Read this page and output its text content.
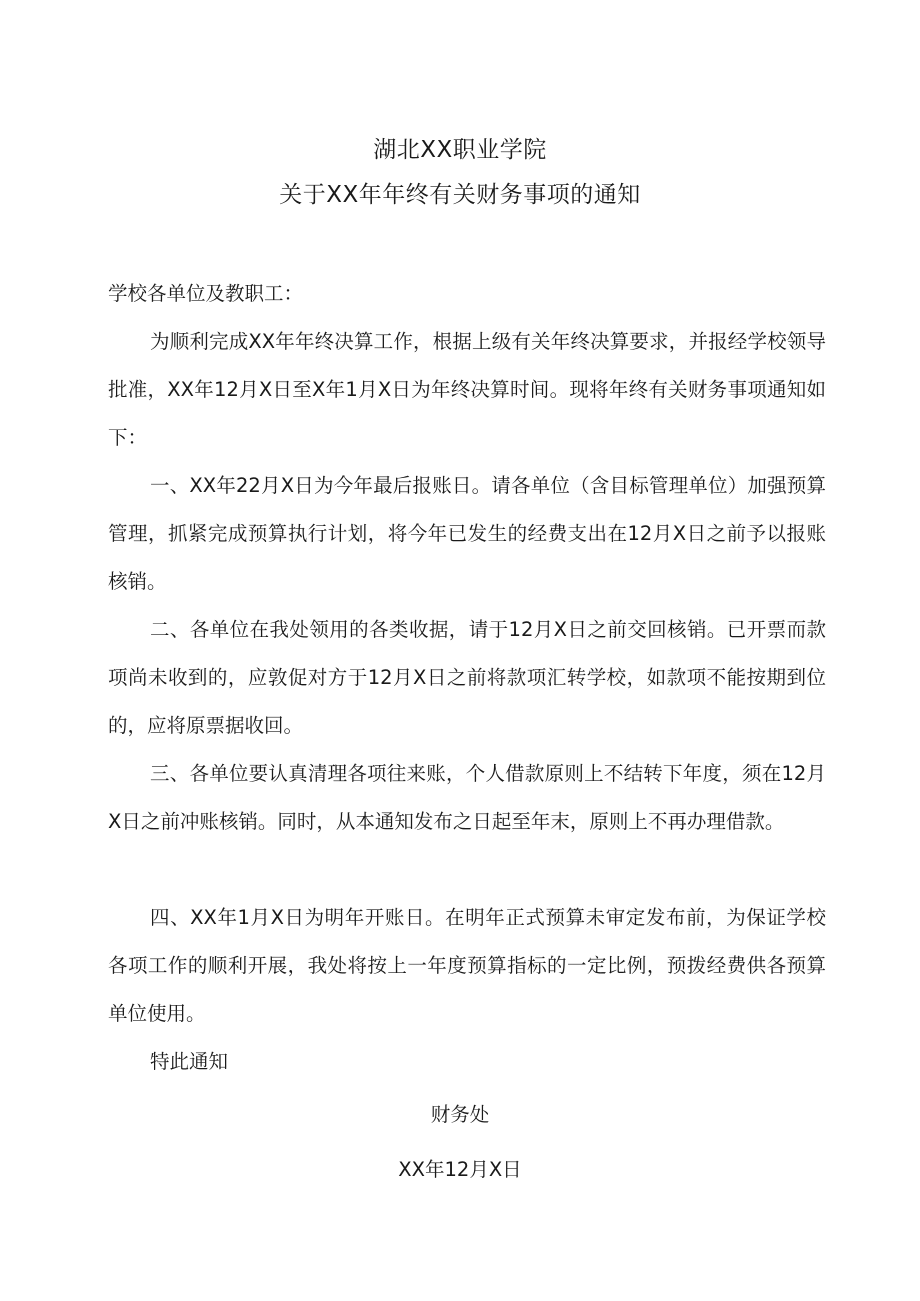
湖北XX职业学院
关于XX年年终有关财务事项的通知
学校各单位及教职工：

为顺利完成XX年年终决算工作，根据上级有关年终决算要求，并报经学校领导批准，XX年12月X日至X年1月X日为年终决算时间。现将年终有关财务事项通知如下：

一、XX年22月X日为今年最后报账日。请各单位（含目标管理单位）加强预算管理，抓紧完成预算执行计划，将今年已发生的经费支出在12月X日之前予以报账核销。

二、各单位在我处领用的各类收据，请于12月X日之前交回核销。已开票而款项尚未收到的，应敦促对方于12月X日之前将款项汇转学校，如款项不能按期到位的，应将原票据收回。

三、各单位要认真清理各项往来账，个人借款原则上不结转下年度，须在12月X日之前冲账核销。同时，从本通知发布之日起至年末，原则上不再办理借款。

四、XX年1月X日为明年开账日。在明年正式预算未审定发布前，为保证学校各项工作的顺利开展，我处将按上一年度预算指标的一定比例，预拨经费供各预算单位使用。

特此通知

财务处
XX年12月X日
